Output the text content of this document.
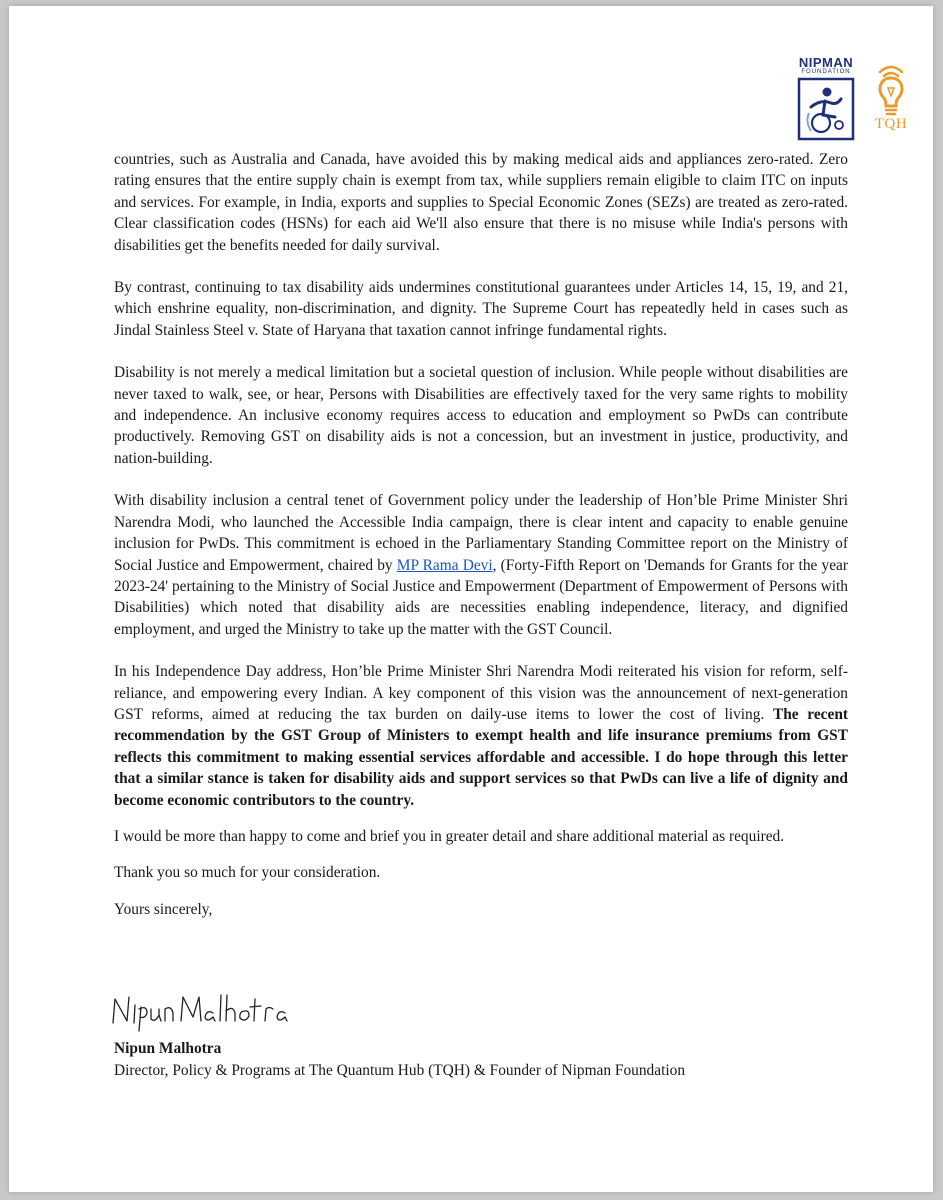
NIPMAN
FOUNDATION
TQH

countries, such as Australia and Canada, have avoided this by making medical aids and appliances zero-rated. Zero rating ensures that the entire supply chain is exempt from tax, while suppliers remain eligible to claim ITC on inputs and services. For example, in India, exports and supplies to Special Economic Zones (SEZs) are treated as zero-rated. Clear classification codes (HSNs) for each aid We'll also ensure that there is no misuse while India's persons with disabilities get the benefits needed for daily survival.

By contrast, continuing to tax disability aids undermines constitutional guarantees under Articles 14, 15, 19, and 21, which enshrine equality, non-discrimination, and dignity. The Supreme Court has repeatedly held in cases such as Jindal Stainless Steel v. State of Haryana that taxation cannot infringe fundamental rights.

Disability is not merely a medical limitation but a societal question of inclusion. While people without disabilities are never taxed to walk, see, or hear, Persons with Disabilities are effectively taxed for the very same rights to mobility and independence. An inclusive economy requires access to education and employment so PwDs can contribute productively. Removing GST on disability aids is not a concession, but an investment in justice, productivity, and nation-building.

With disability inclusion a central tenet of Government policy under the leadership of Hon’ble Prime Minister Shri Narendra Modi, who launched the Accessible India campaign, there is clear intent and capacity to enable genuine inclusion for PwDs. This commitment is echoed in the Parliamentary Standing Committee report on the Ministry of Social Justice and Empowerment, chaired by MP Rama Devi, (Forty-Fifth Report on 'Demands for Grants for the year 2023-24' pertaining to the Ministry of Social Justice and Empowerment (Department of Empowerment of Persons with Disabilities) which noted that disability aids are necessities enabling independence, literacy, and dignified employment, and urged the Ministry to take up the matter with the GST Council.

In his Independence Day address, Hon’ble Prime Minister Shri Narendra Modi reiterated his vision for reform, self-reliance, and empowering every Indian. A key component of this vision was the announcement of next-generation GST reforms, aimed at reducing the tax burden on daily-use items to lower the cost of living. The recent recommendation by the GST Group of Ministers to exempt health and life insurance premiums from GST reflects this commitment to making essential services affordable and accessible. I do hope through this letter that a similar stance is taken for disability aids and support services so that PwDs can live a life of dignity and become economic contributors to the country.

I would be more than happy to come and brief you in greater detail and share additional material as required.

Thank you so much for your consideration.

Yours sincerely,

Nipun Malhotra
Director, Policy & Programs at The Quantum Hub (TQH) & Founder of Nipman Foundation
